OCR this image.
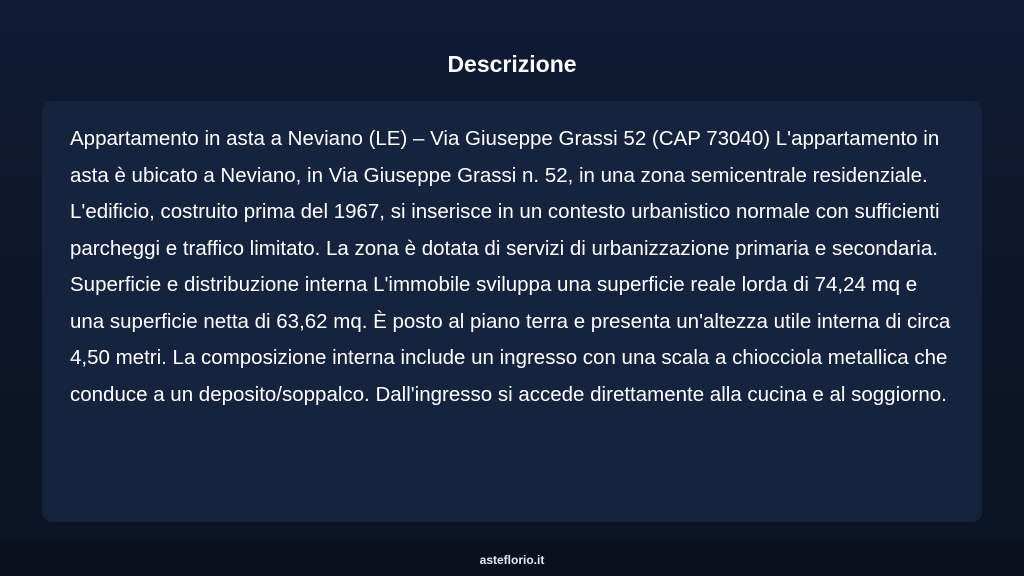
Descrizione

Appartamento in asta a Neviano (LE) – Via Giuseppe Grassi 52 (CAP 73040) L'appartamento in asta è ubicato a Neviano, in Via Giuseppe Grassi n. 52, in una zona semicentrale residenziale. L'edificio, costruito prima del 1967, si inserisce in un contesto urbanistico normale con sufficienti parcheggi e traffico limitato. La zona è dotata di servizi di urbanizzazione primaria e secondaria. Superficie e distribuzione interna L'immobile sviluppa una superficie reale lorda di 74,24 mq e una superficie netta di 63,62 mq. È posto al piano terra e presenta un'altezza utile interna di circa 4,50 metri. La composizione interna include un ingresso con una scala a chiocciola metallica che conduce a un deposito/soppalco. Dall'ingresso si accede direttamente alla cucina e al soggiorno.

asteflorio.it
